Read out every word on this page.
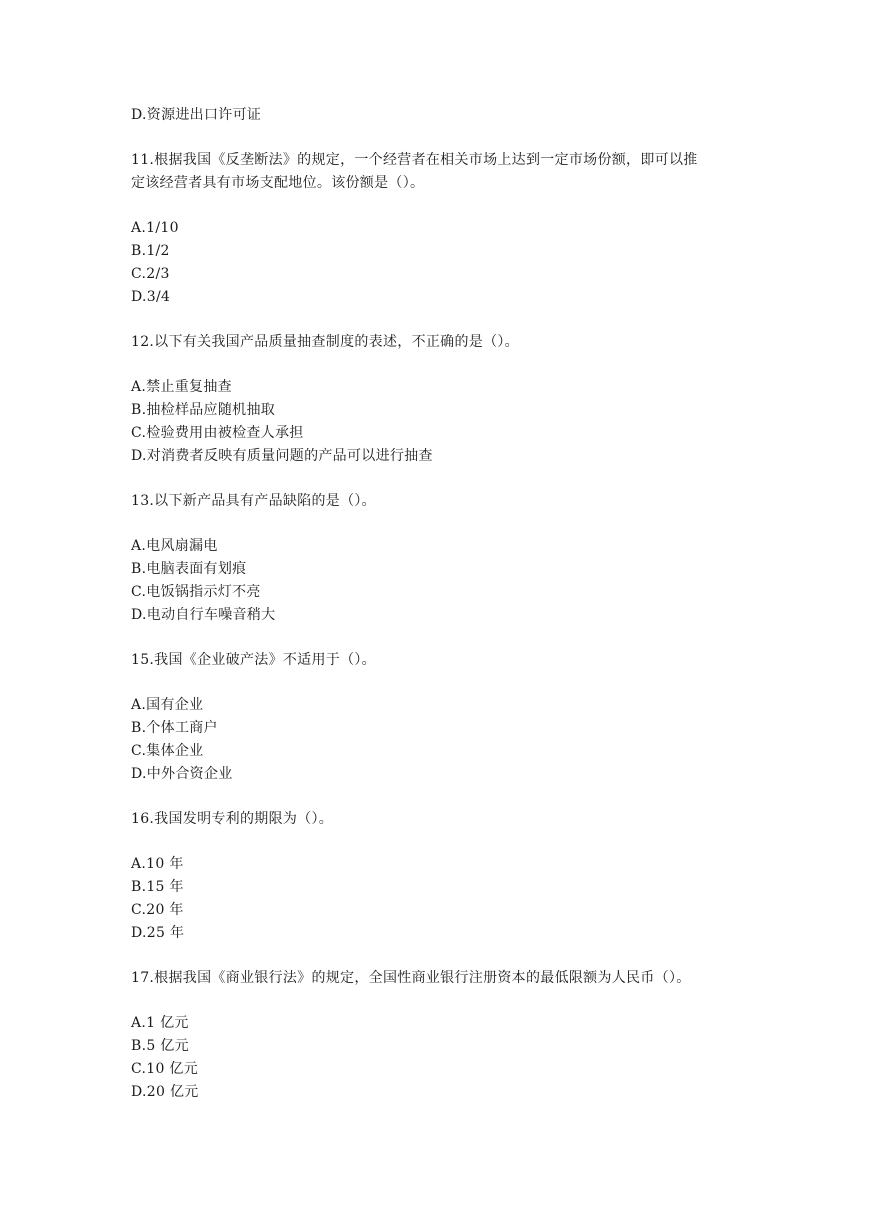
D.资源进出口许可证
11.根据我国《反垄断法》的规定，一个经营者在相关市场上达到一定市场份额，即可以推
定该经营者具有市场支配地位。该份额是（）。
A.1/10
B.1/2
C.2/3
D.3/4
12.以下有关我国产品质量抽查制度的表述，不正确的是（）。
A.禁止重复抽查
B.抽检样品应随机抽取
C.检验费用由被检查人承担
D.对消费者反映有质量问题的产品可以进行抽查
13.以下新产品具有产品缺陷的是（）。
A.电风扇漏电
B.电脑表面有划痕
C.电饭锅指示灯不亮
D.电动自行车噪音稍大
15.我国《企业破产法》不适用于（）。
A.国有企业
B.个体工商户
C.集体企业
D.中外合资企业
16.我国发明专利的期限为（）。
A.10 年
B.15 年
C.20 年
D.25 年
17.根据我国《商业银行法》的规定，全国性商业银行注册资本的最低限额为人民币（）。
A.1 亿元
B.5 亿元
C.10 亿元
D.20 亿元
